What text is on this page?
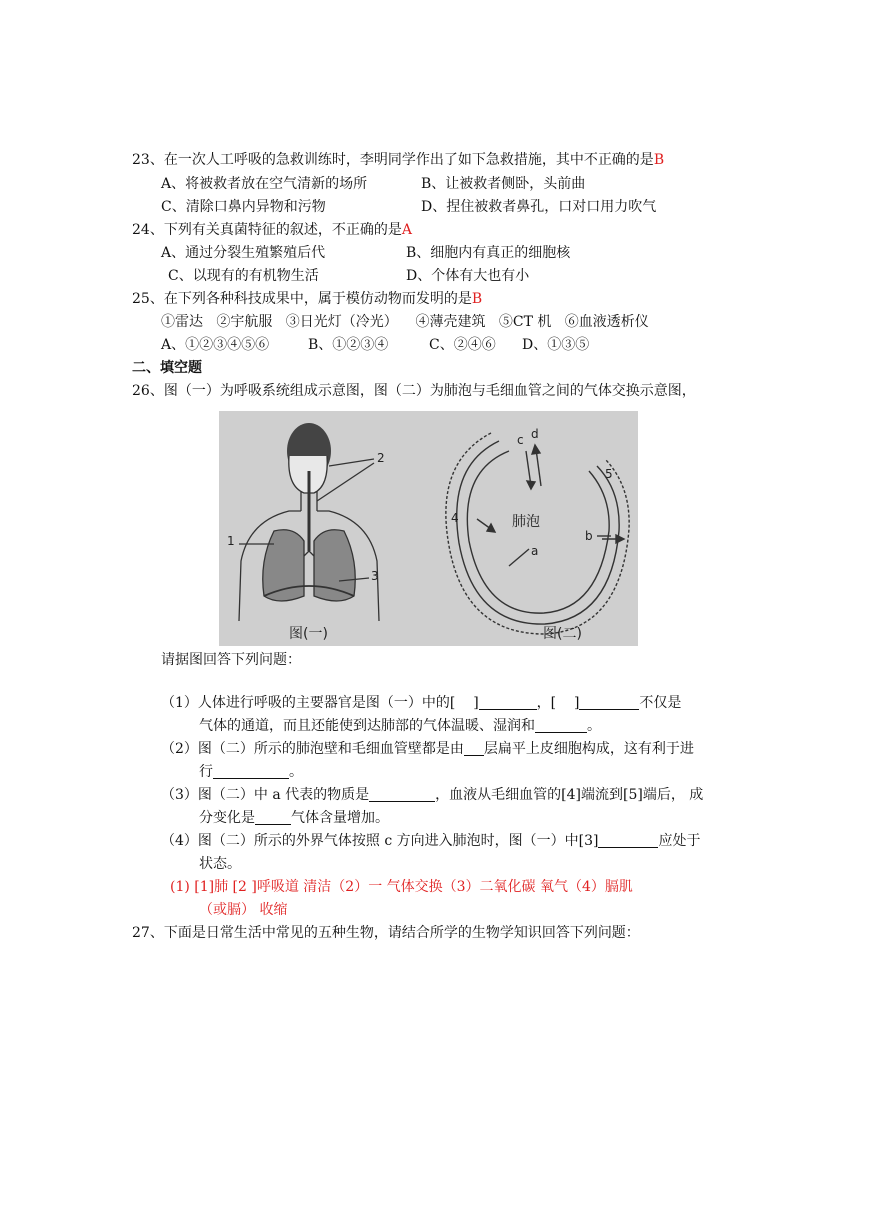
23、在一次人工呼吸的急救训练时，李明同学作出了如下急救措施，其中不正确的是B
A、将被救者放在空气清新的场所	B、让被救者侧卧，头前曲
C、清除口鼻内异物和污物	D、捏住被救者鼻孔，口对口用力吹气
24、下列有关真菌特征的叙述，不正确的是A
A、通过分裂生殖繁殖后代	B、细胞内有真正的细胞核
C、以现有的有机物生活	D、个体有大也有小
25、在下列各种科技成果中，属于模仿动物而发明的是B
①雷达 ②宇航服 ③日光灯（冷光） ④薄壳建筑 ⑤CT 机 ⑥血液透析仪
A、①②③④⑤⑥	B、①②③④	C、②④⑥ D、①③⑤
二、填空题
26、图（一）为呼吸系统组成示意图，图（二）为肺泡与毛细血管之间的气体交换示意图，
1
2
3
4
5
a
b
c d
肺泡
图(一)	图(二)
请据图回答下列问题：
（1）人体进行呼吸的主要器官是图（一）中的[ ]	，[ ]	不仅是
气体的通道，而且还能使到达肺部的气体温暖、湿润和	。
（2）图（二）所示的肺泡壁和毛细血管壁都是由 层扁平上皮细胞构成，这有利于进
行	。
（3）图（二）中 a 代表的物质是	，血液从毛细血管的[4]端流到[5]端后， 成
分变化是	气体含量增加。
（4）图（二）所示的外界气体按照 c 方向进入肺泡时，图（一）中[3]	应处于
状态。
(1) [1]肺 [2 ]呼吸道 清洁（2）一 气体交换（3）二氧化碳 氧气（4）膈肌
（或膈） 收缩
27、下面是日常生活中常见的五种生物，请结合所学的生物学知识回答下列问题：
